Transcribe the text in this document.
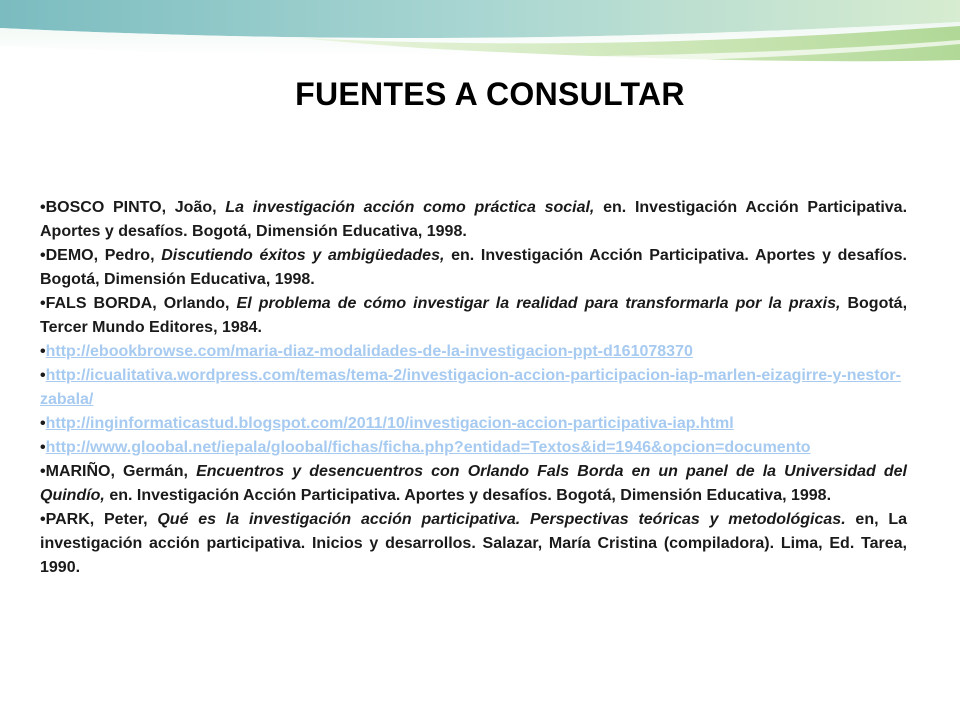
FUENTES A CONSULTAR
•BOSCO PINTO, João, La investigación acción como práctica social, en. Investigación Acción Participativa. Aportes y desafíos. Bogotá, Dimensión Educativa, 1998.
•DEMO, Pedro, Discutiendo éxitos y ambigüedades, en. Investigación Acción Participativa. Aportes y desafíos. Bogotá, Dimensión Educativa, 1998.
•FALS BORDA, Orlando, El problema de cómo investigar la realidad para transformarla por la praxis, Bogotá, Tercer Mundo Editores, 1984.
•http://ebookbrowse.com/maria-diaz-modalidades-de-la-investigacion-ppt-d161078370
•http://icualitativa.wordpress.com/temas/tema-2/investigacion-accion-participacion-iap-marlen-eizagirre-y-nestor-zabala/
•http://inginformaticastud.blogspot.com/2011/10/investigacion-accion-participativa-iap.html
•http://www.gloobal.net/iepala/gloobal/fichas/ficha.php?entidad=Textos&id=1946&opcion=documento
•MARIÑO, Germán, Encuentros y desencuentros con Orlando Fals Borda en un panel de la Universidad del Quindío, en. Investigación Acción Participativa. Aportes y desafíos. Bogotá, Dimensión Educativa, 1998.
•PARK, Peter, Qué es la investigación acción participativa. Perspectivas teóricas y metodológicas. en, La investigación acción participativa. Inicios y desarrollos. Salazar, María Cristina (compiladora). Lima, Ed. Tarea, 1990.
